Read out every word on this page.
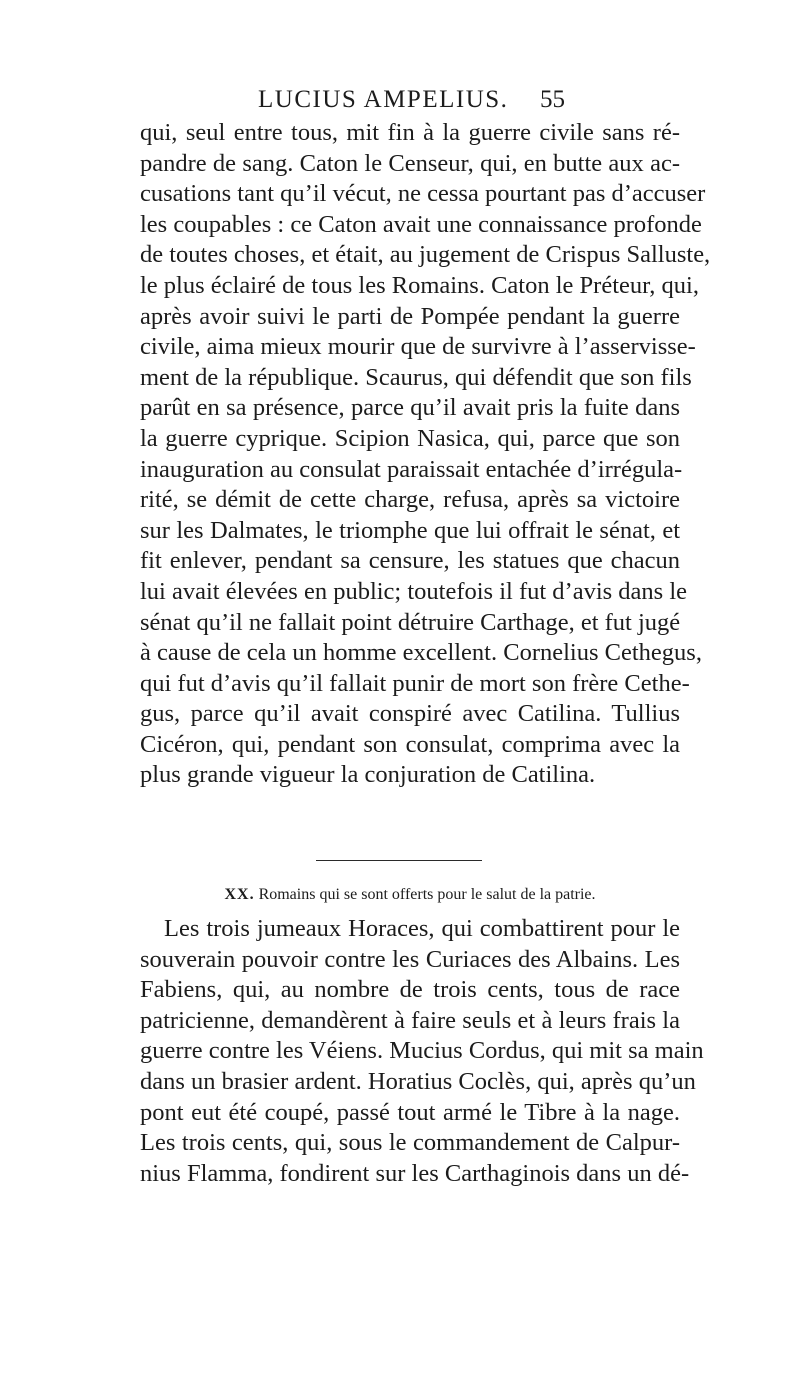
LUCIUS AMPELIUS. 55
qui, seul entre tous, mit fin à la guerre civile sans ré-
pandre de sang. Caton le Censeur, qui, en butte aux ac-
cusations tant qu’il vécut, ne cessa pourtant pas d’accuser
les coupables : ce Caton avait une connaissance profonde
de toutes choses, et était, au jugement de Crispus Salluste,
le plus éclairé de tous les Romains. Caton le Préteur, qui,
après avoir suivi le parti de Pompée pendant la guerre
civile, aima mieux mourir que de survivre à l’asservisse-
ment de la république. Scaurus, qui défendit que son fils
parût en sa présence, parce qu’il avait pris la fuite dans
la guerre cyprique. Scipion Nasica, qui, parce que son
inauguration au consulat paraissait entachée d’irrégula-
rité, se démit de cette charge, refusa, après sa victoire
sur les Dalmates, le triomphe que lui offrait le sénat, et
fit enlever, pendant sa censure, les statues que chacun
lui avait élevées en public; toutefois il fut d’avis dans le
sénat qu’il ne fallait point détruire Carthage, et fut jugé
à cause de cela un homme excellent. Cornelius Cethegus,
qui fut d’avis qu’il fallait punir de mort son frère Cethe-
gus, parce qu’il avait conspiré avec Catilina. Tullius
Cicéron, qui, pendant son consulat, comprima avec la
plus grande vigueur la conjuration de Catilina.
XX. Romains qui se sont offerts pour le salut de la patrie.
Les trois jumeaux Horaces, qui combattirent pour le
souverain pouvoir contre les Curiaces des Albains. Les
Fabiens, qui, au nombre de trois cents, tous de race
patricienne, demandèrent à faire seuls et à leurs frais la
guerre contre les Véiens. Mucius Cordus, qui mit sa main
dans un brasier ardent. Horatius Coclès, qui, après qu’un
pont eut été coupé, passé tout armé le Tibre à la nage.
Les trois cents, qui, sous le commandement de Calpur-
nius Flamma, fondirent sur les Carthaginois dans un dé-
